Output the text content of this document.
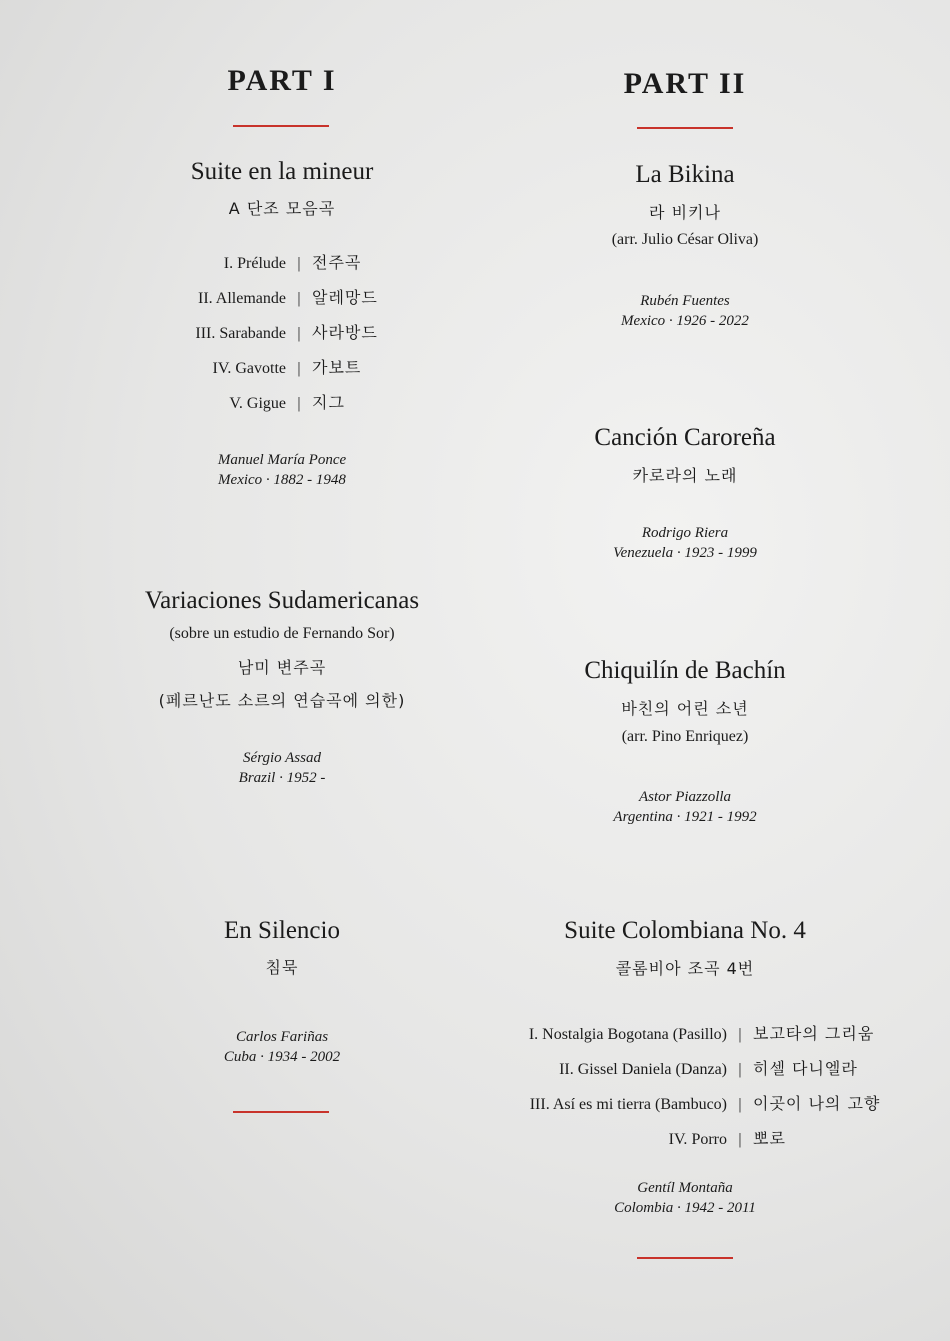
PART I
Suite en la mineur
A 단조 모음곡
I. Prélude | 전주곡
II. Allemande | 알레망드
III. Sarabande | 사라방드
IV. Gavotte | 가보트
V. Gigue | 지그
Manuel María Ponce
Mexico · 1882 - 1948
Variaciones Sudamericanas
(sobre un estudio de Fernando Sor)
남미 변주곡
(페르난도 소르의 연습곡에 의한)
Sérgio Assad
Brazil · 1952 -
En Silencio
침묵
Carlos Fariñas
Cuba · 1934 - 2002
PART II
La Bikina
라 비키나
(arr. Julio César Oliva)
Rubén Fuentes
Mexico · 1926 - 2022
Canción Caroreña
카로라의 노래
Rodrigo Riera
Venezuela · 1923 - 1999
Chiquilín de Bachín
바친의 어린 소년
(arr. Pino Enriquez)
Astor Piazzolla
Argentina · 1921 - 1992
Suite Colombiana No. 4
콜롬비아 조곡 4번
I. Nostalgia Bogotana (Pasillo) | 보고타의 그리움
II. Gissel Daniela (Danza) | 히셀 다니엘라
III. Así es mi tierra (Bambuco) | 이곳이 나의 고향
IV. Porro | 뽀로
Gentíl Montaña
Colombia · 1942 - 2011
